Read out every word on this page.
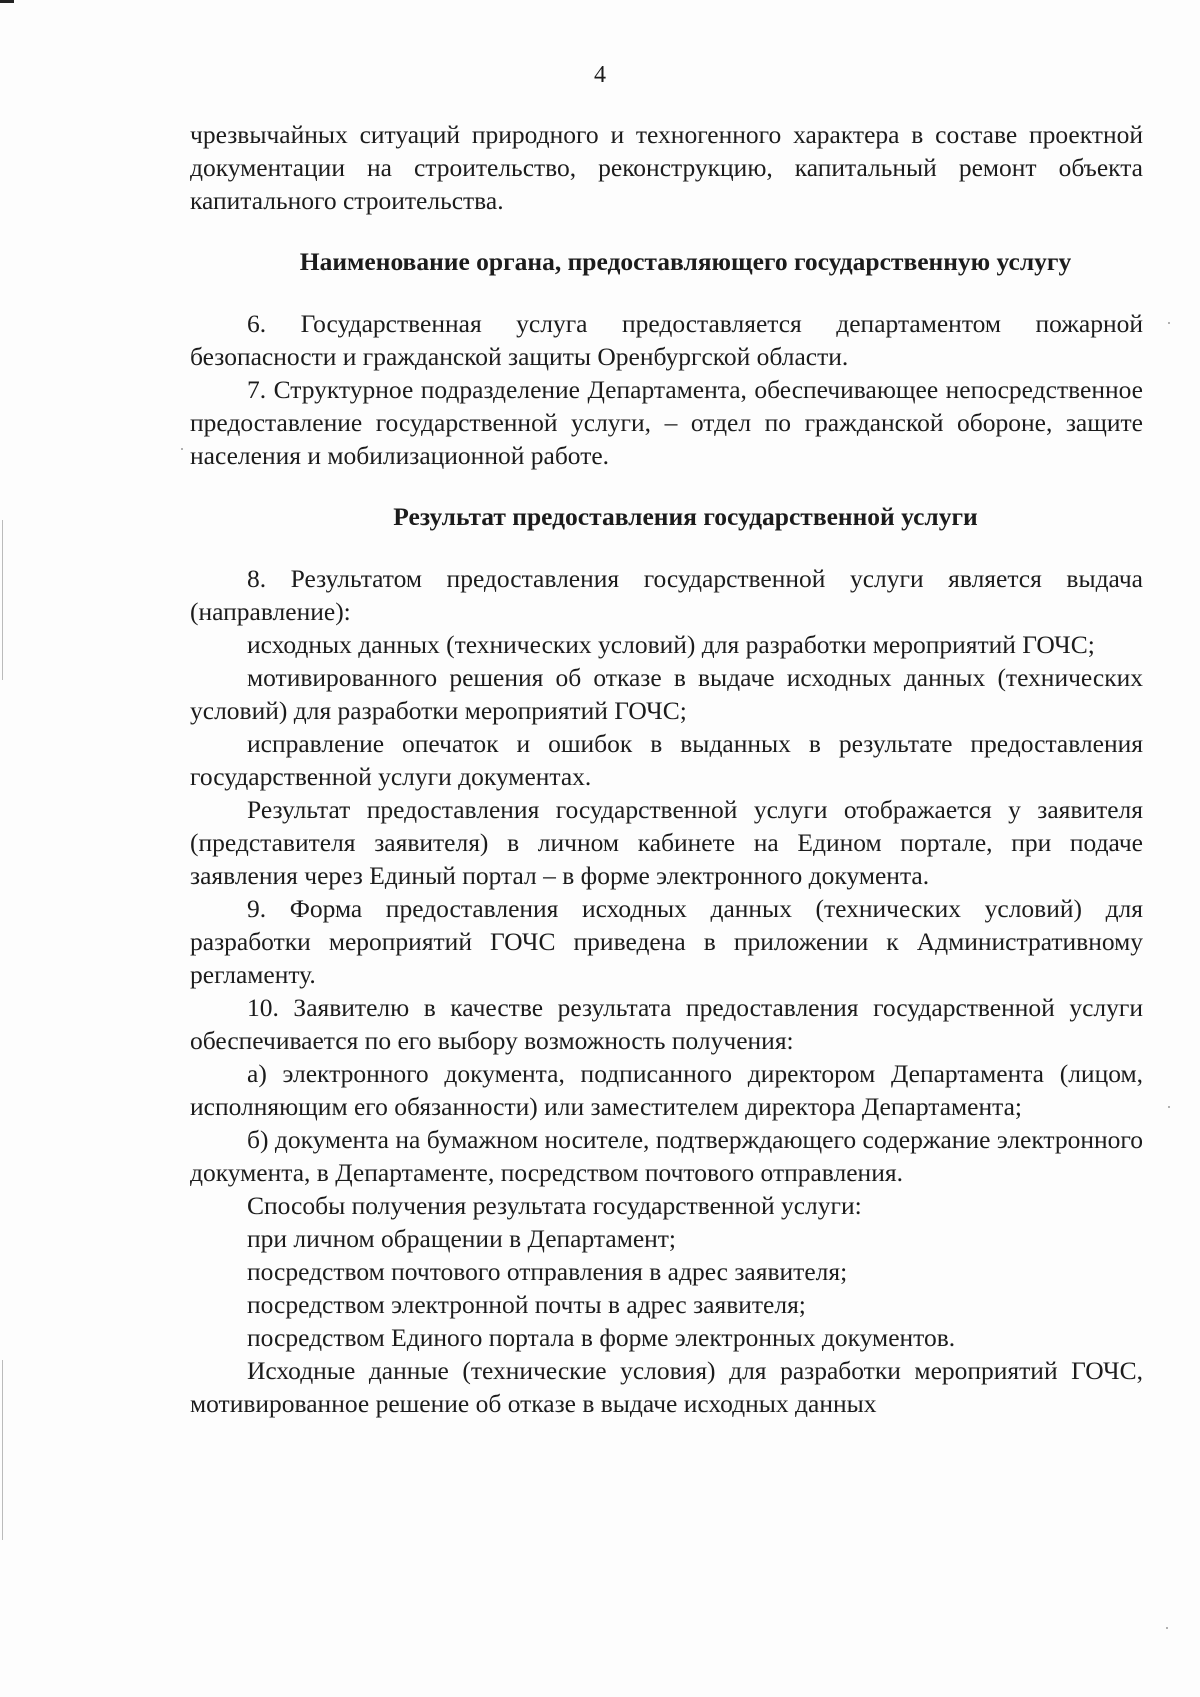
4
чрезвычайных ситуаций природного и техногенного характера в составе проектной документации на строительство, реконструкцию, капитальный ремонт объекта капитального строительства.
Наименование органа, предоставляющего государственную услугу
6. Государственная услуга предоставляется департаментом пожарной безопасности и гражданской защиты Оренбургской области.
7. Структурное подразделение Департамента, обеспечивающее непосредственное предоставление государственной услуги, – отдел по гражданской обороне, защите населения и мобилизационной работе.
Результат предоставления государственной услуги
8. Результатом предоставления государственной услуги является выдача (направление):
исходных данных (технических условий) для разработки мероприятий ГОЧС;
мотивированного решения об отказе в выдаче исходных данных (технических условий) для разработки мероприятий ГОЧС;
исправление опечаток и ошибок в выданных в результате предоставления государственной услуги документах.
Результат предоставления государственной услуги отображается у заявителя (представителя заявителя) в личном кабинете на Едином портале, при подаче заявления через Единый портал – в форме электронного документа.
9. Форма предоставления исходных данных (технических условий) для разработки мероприятий ГОЧС приведена в приложении к Административному регламенту.
10. Заявителю в качестве результата предоставления государственной услуги обеспечивается по его выбору возможность получения:
а) электронного документа, подписанного директором Департамента (лицом, исполняющим его обязанности) или заместителем директора Департамента;
б) документа на бумажном носителе, подтверждающего содержание электронного документа, в Департаменте, посредством почтового отправления.
Способы получения результата государственной услуги:
при личном обращении в Департамент;
посредством почтового отправления в адрес заявителя;
посредством электронной почты в адрес заявителя;
посредством Единого портала в форме электронных документов.
Исходные данные (технические условия) для разработки мероприятий ГОЧС, мотивированное решение об отказе в выдаче исходных данных
